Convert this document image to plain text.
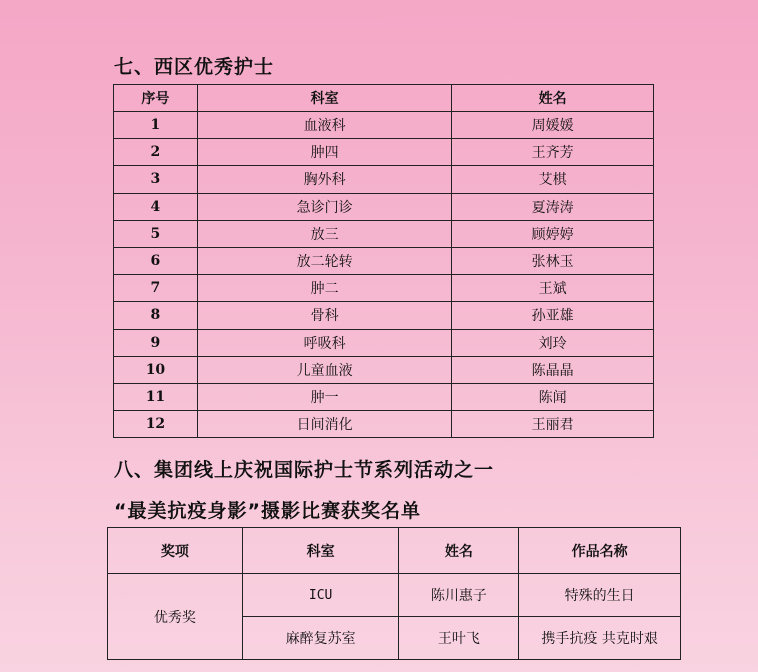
七、西区优秀护士
序号	科室	姓名
1	血液科	周媛媛
2	肿四	王齐芳
3	胸外科	艾棋
4	急诊门诊	夏涛涛
5	放三	顾婷婷
6	放二轮转	张林玉
7	肿二	王斌
8	骨科	孙亚雄
9	呼吸科	刘玲
10	儿童血液	陈晶晶
11	肿一	陈闻
12	日间消化	王丽君
八、集团线上庆祝国际护士节系列活动之一
“最美抗疫身影”摄影比赛获奖名单
奖项	科室	姓名	作品名称
优秀奖	ICU	陈川惠子	特殊的生日
	麻醉复苏室	王叶飞	携手抗疫 共克时艰
